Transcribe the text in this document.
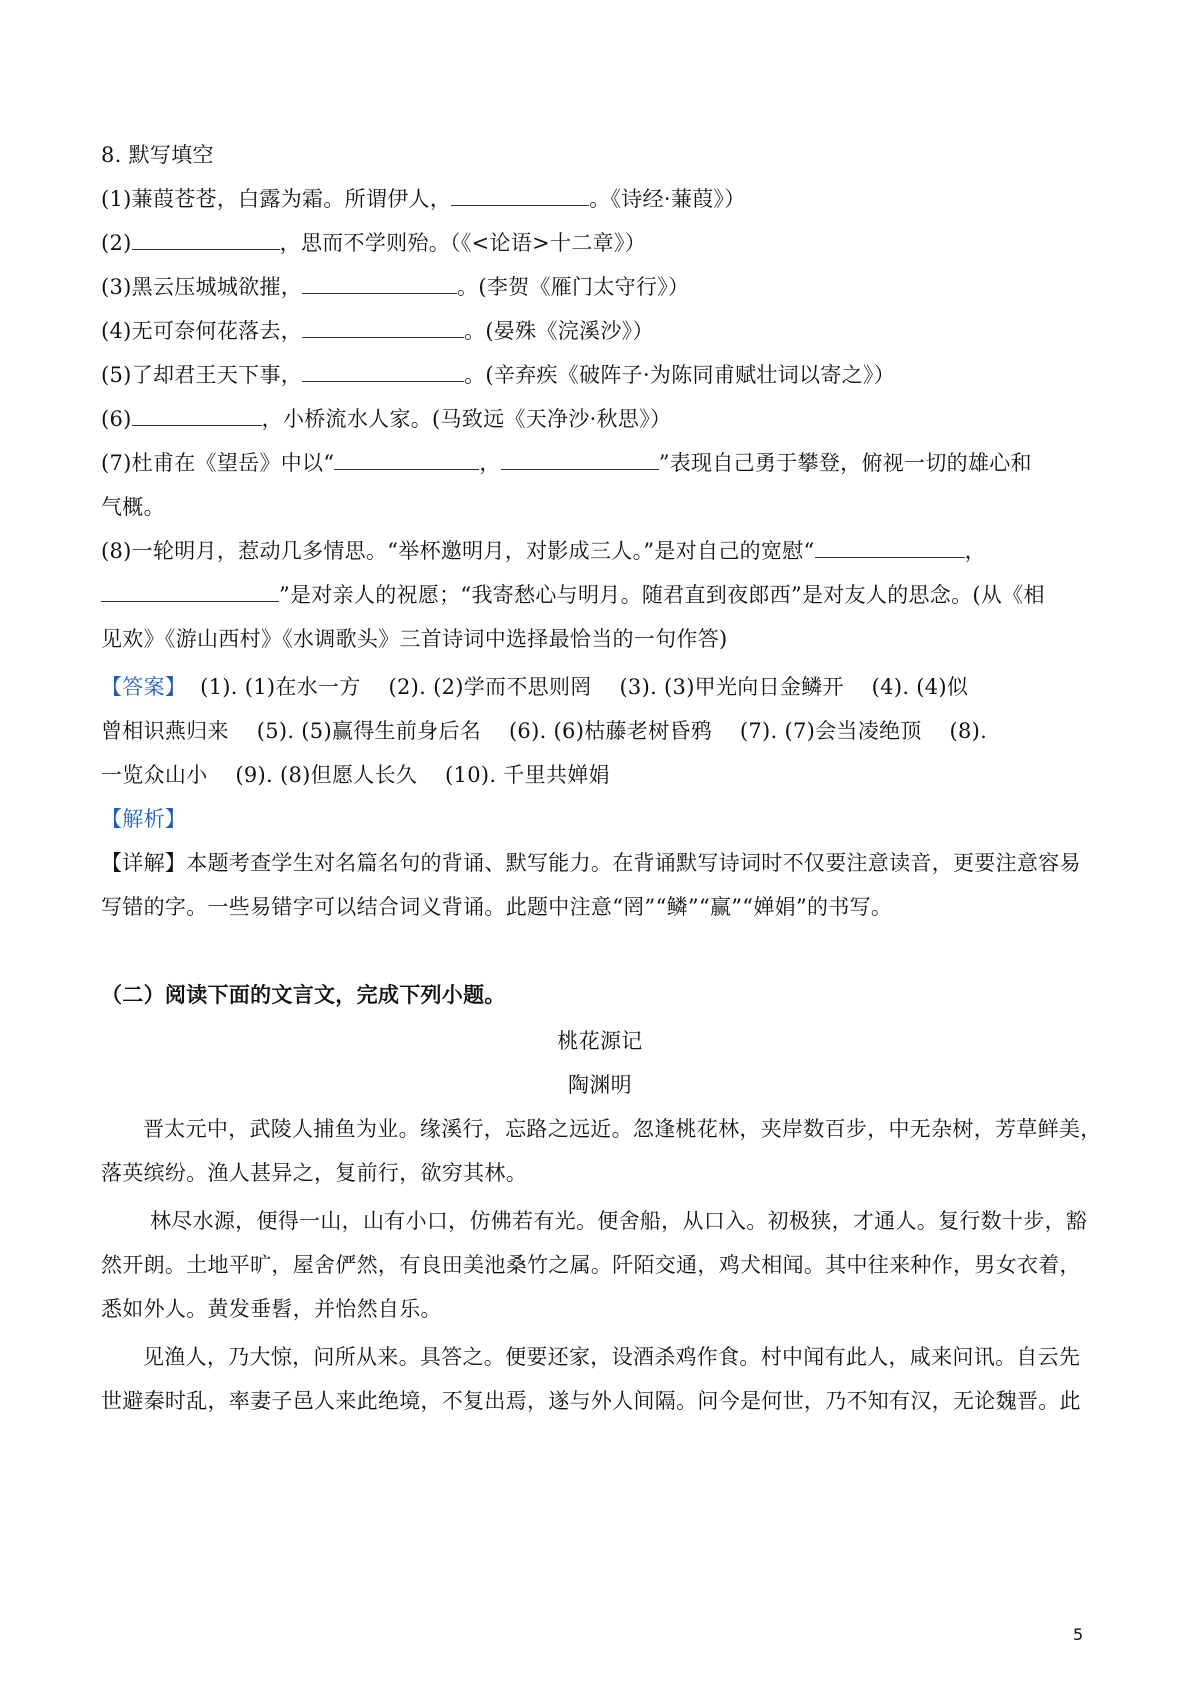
8. 默写填空
(1)蒹葭苍苍，白露为霜。所谓伊人，	。《诗经·蒹葭》）
(2)	，思而不学则殆。（《<论语>十二章》）
(3)黑云压城城欲摧，	。(李贺《雁门太守行》）
(4)无可奈何花落去，	。(晏殊《浣溪沙》）
(5)了却君王天下事，	。(辛弃疾《破阵子·为陈同甫赋壮词以寄之》）
(6)	，小桥流水人家。(马致远《天净沙·秋思》）
(7)杜甫在《望岳》中以“	，	”表现自己勇于攀登，俯视一切的雄心和
气概。
(8)一轮明月，惹动几多情思。“举杯邀明月，对影成三人。”是对自己的宽慰“	，
”是对亲人的祝愿；“我寄愁心与明月。随君直到夜郎西”是对友人的思念。(从《相
见欢》《游山西村》《水调歌头》三首诗词中选择最恰当的一句作答)
【答案】  (1). (1)在水一方    (2). (2)学而不思则罔    (3). (3)甲光向日金鳞开    (4). (4)似
曾相识燕归来    (5). (5)赢得生前身后名    (6). (6)枯藤老树昏鸦    (7). (7)会当凌绝顶    (8).
一览众山小    (9). (8)但愿人长久    (10). 千里共婵娟
【解析】
【详解】本题考查学生对名篇名句的背诵、默写能力。在背诵默写诗词时不仅要注意读音，更要注意容易
写错的字。一些易错字可以结合词义背诵。此题中注意“罔”“鳞”“赢”“婵娟”的书写。
（二）阅读下面的文言文，完成下列小题。
桃花源记
陶渊明
晋太元中，武陵人捕鱼为业。缘溪行，忘路之远近。忽逢桃花林，夹岸数百步，中无杂树，芳草鲜美，
落英缤纷。渔人甚异之，复前行，欲穷其林。
林尽水源，便得一山，山有小口，仿佛若有光。便舍船，从口入。初极狭，才通人。复行数十步，豁
然开朗。土地平旷，屋舍俨然，有良田美池桑竹之属。阡陌交通，鸡犬相闻。其中往来种作，男女衣着，
悉如外人。黄发垂髫，并怡然自乐。
见渔人，乃大惊，问所从来。具答之。便要还家，设酒杀鸡作食。村中闻有此人，咸来问讯。自云先
世避秦时乱，率妻子邑人来此绝境，不复出焉，遂与外人间隔。问今是何世，乃不知有汉，无论魏晋。此
5
